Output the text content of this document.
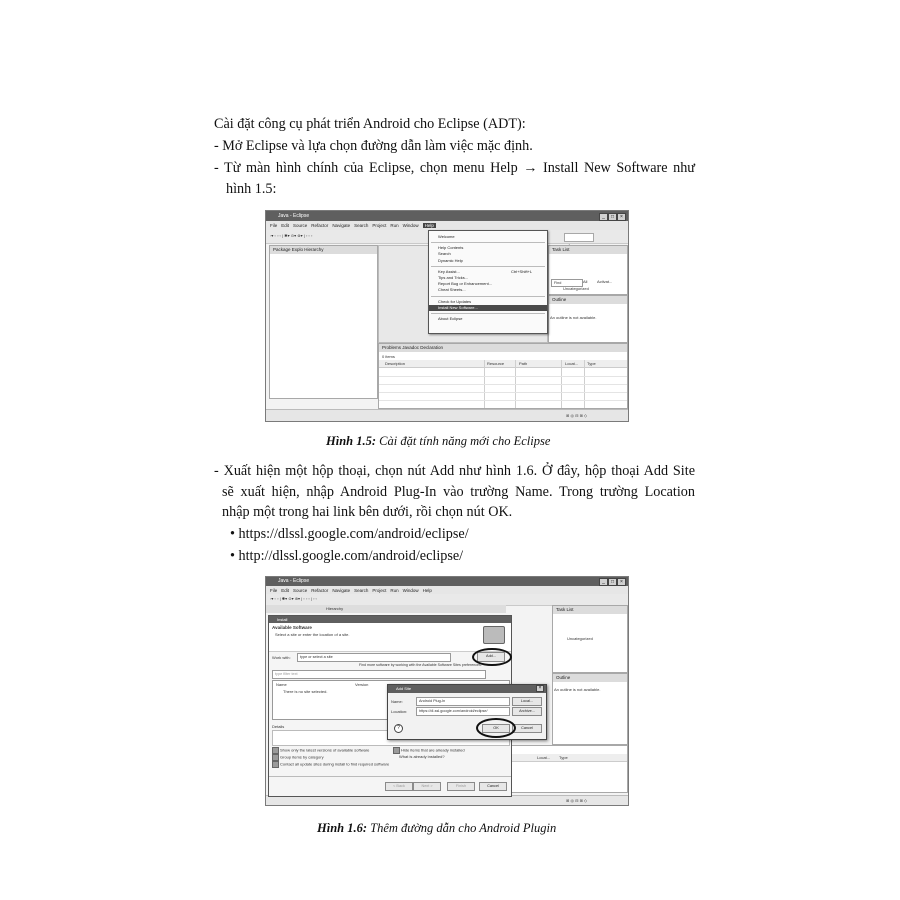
Cài đặt công cụ phát triển Android cho Eclipse (ADT):
- Mở Eclipse và lựa chọn đường dẫn làm việc mặc định.
- Từ màn hình chính của Eclipse, chọn menu Help → Install New Software như
hình 1.5:
Java - Eclipse	_	□	×
File Edit Source Refactor Navigate Search Project Run Window	Help
▫▾ ▫ ▫ ▫ | ✱▾ ⊙▾ ⊛▾ | ▫ ▫ ▫
Package Explo Hierarchy	Task List
Find	All Activat...
Uncategorized
Outline
An outline is not available.
Problems Javadoc Declaration
0 items
Description	Resource	Path	Locat... Type
⊞ ◎ ⊟ ⊞ ◇
Welcome
Help Contents
Search
Dynamic Help
Key Assist...	Ctrl+Shift+L
Tips and Tricks...
Report Bug or Enhancement...
Cheat Sheets...
Check for Updates
Install New Software...
About Eclipse
Hình 1.5: Cài đặt tính năng mới cho Eclipse
- Xuất hiện một hộp thoại, chọn nút Add như hình 1.6. Ở đây, hộp thoại Add Site
sẽ xuất hiện, nhập Android Plug-In vào trường Name. Trong trường Location
nhập một trong hai link bên dưới, rồi chọn nút OK.
• https://dlssl.google.com/android/eclipse/
• http://dlssl.google.com/android/eclipse/
Java - Eclipse	_	□	×
File Edit Source Refactor Navigate Search Project Run Window Help
▫▾ ▫ ▫ | ✱▾ ⊙▾ ⊛▾ | ▫ ▫ ▫ | ▫ ▫
Hierarchy	Task List
Uncategorized
Outline
An outline is not available.
Locat... Type
⊞ ◎ ⊟ ⊞ ◇
Install
Available Software
Select a site or enter the location of a site.
Work with:	type or select a site	Add...
Find more software by working with the Available Software Sites preferences.
type filter text
Name	Version
There is no site selected.
Details
Show only the latest versions of available software
Group items by category
Contact all update sites during install to find required software
Hide items that are already installed
What is already installed?
< Back	Next >	Finish	Cancel
Add Site	×
Name:	Android Plug-In	Local...
Location:	https://dl-ssl.google.com/android/eclipse/	Archive...
?	OK	Cancel
Hình 1.6: Thêm đường dẫn cho Android Plugin
